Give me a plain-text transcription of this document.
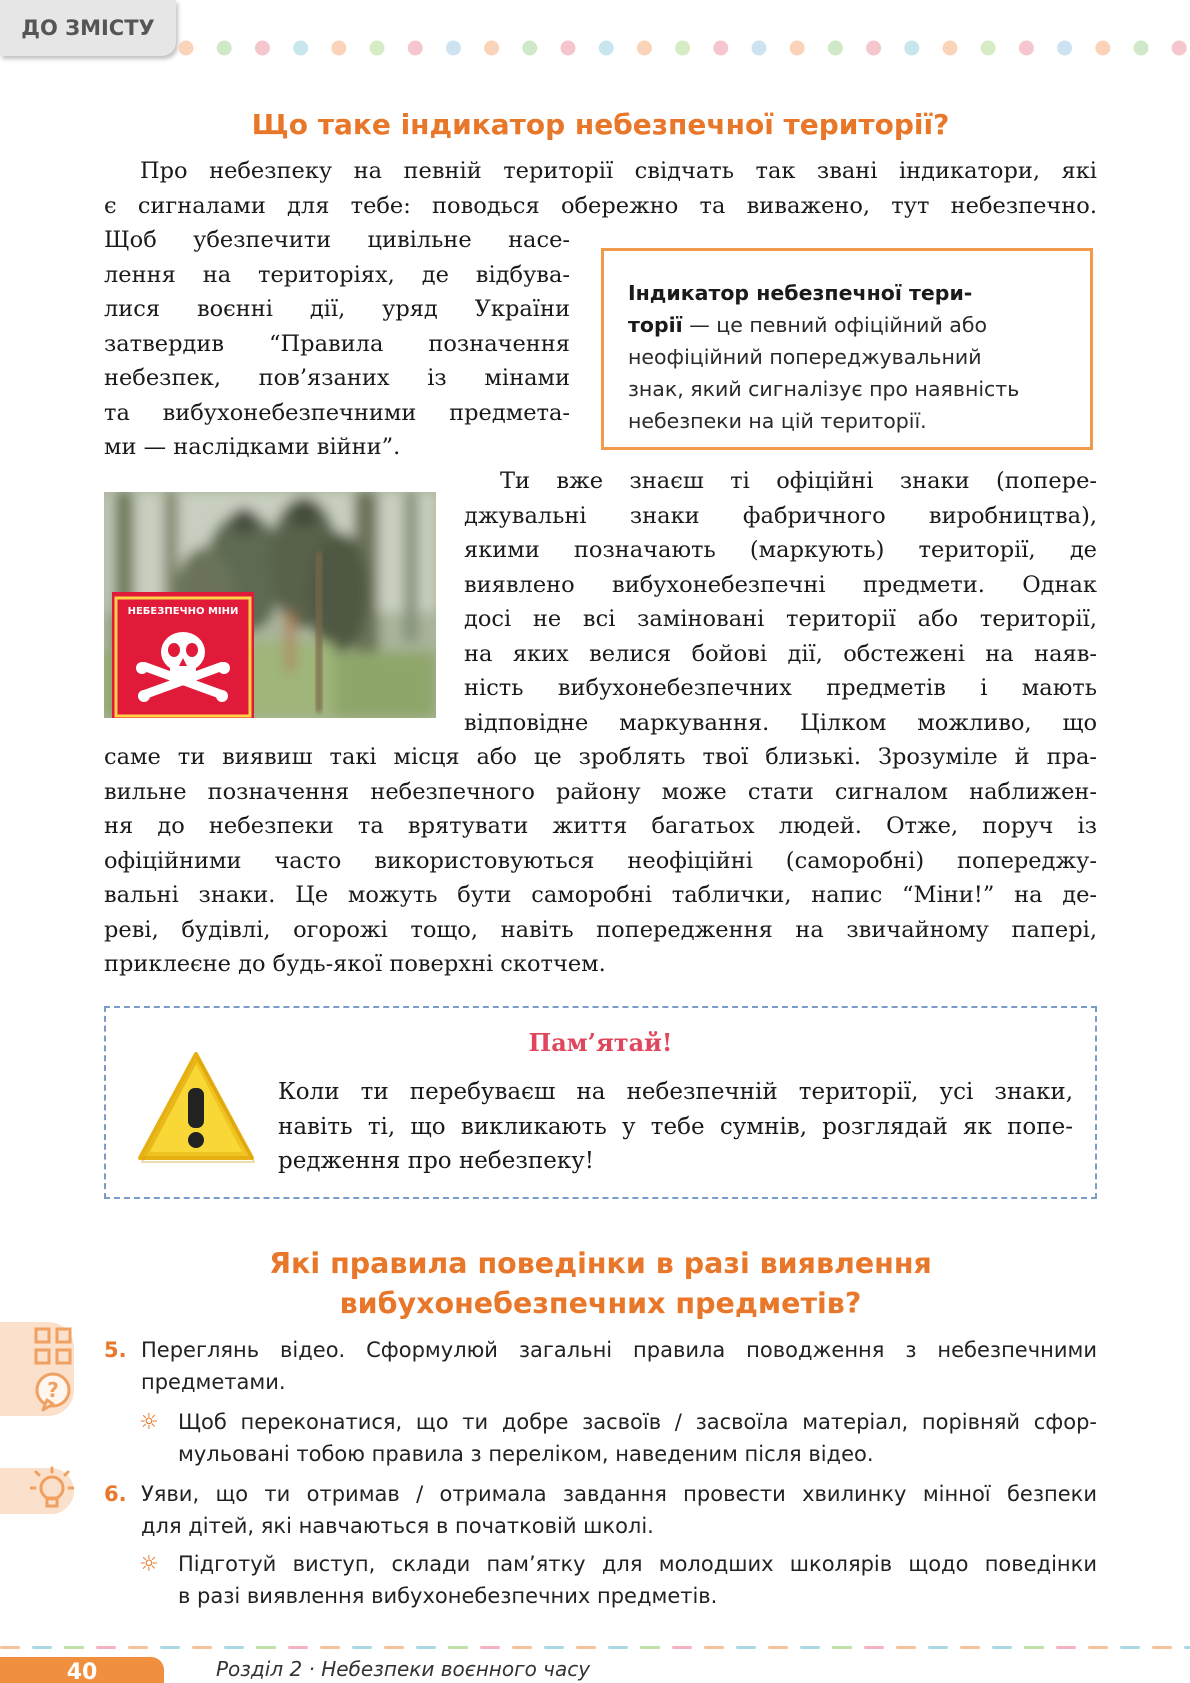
ДО ЗМІСТУ
Що таке індикатор небезпечної території?

Про небезпеку на певній території свідчать так звані індикатори, які

є сигналами для тебе: поводься обережно та виважено, тут небезпечно.

Щоб убезпечити цивільне насе-

лення на територіях, де відбува-

лися воєнні дії, уряд України

затвердив “Правила позначення

небезпек, пов’язаних із мінами

та вибухонебезпечними предмета-

ми — наслідками війни”.

Індикатор небезпечної тери-
торії — це певний офіційний або
неофіційний попереджувальний
знак, який сигналізує про наявність
небезпеки на цій території.
НЕБЕЗПЕЧНО МІНИ

Ти вже знаєш ті офіційні знаки (попере-

джувальні знаки фабричного виробництва),

якими позначають (маркують) території, де

виявлено вибухонебезпечні предмети. Однак

досі не всі заміновані території або території,

на яких велися бойові дії, обстежені на наяв-

ність вибухонебезпечних предметів і мають

відповідне маркування. Цілком можливо, що

саме ти виявиш такі місця або це зроблять твої близькі. Зрозуміле й пра-

вильне позначення небезпечного району може стати сигналом наближен-

ня до небезпеки та врятувати життя багатьох людей. Отже, поруч із

офіційними часто використовуються неофіційні (саморобні) попереджу-

вальні знаки. Це можуть бути саморобні таблички, напис “Міни!” на де-

реві, будівлі, огорожі тощо, навіть попередження на звичайному папері,

приклеєне до будь-якої поверхні скотчем.

Пам’ятай!
Коли ти перебуваєш на небезпечній території, усі знаки,
навіть ті, що викликають у тебе сумнів, розглядай як попе-
редження про небезпеку!
Які правила поведінки в разі виявлення
вибухонебезпечних предметів?
?
5. Переглянь відео. Сформулюй загальні правила поводження з небезпечними
предметами.
☼ Щоб переконатися, що ти добре засвоїв / засвоїла матеріал, порівняй сфор-
мульовані тобою правила з переліком, наведеним після відео.
6. Уяви, що ти отримав / отримала завдання провести хвилинку мінної безпеки
для дітей, які навчаються в початковій школі.
☼ Підготуй виступ, склади пам’ятку для молодших школярів щодо поведінки
в разі виявлення вибухонебезпечних предметів.
40	Розділ 2 · Небезпеки воєнного часу
